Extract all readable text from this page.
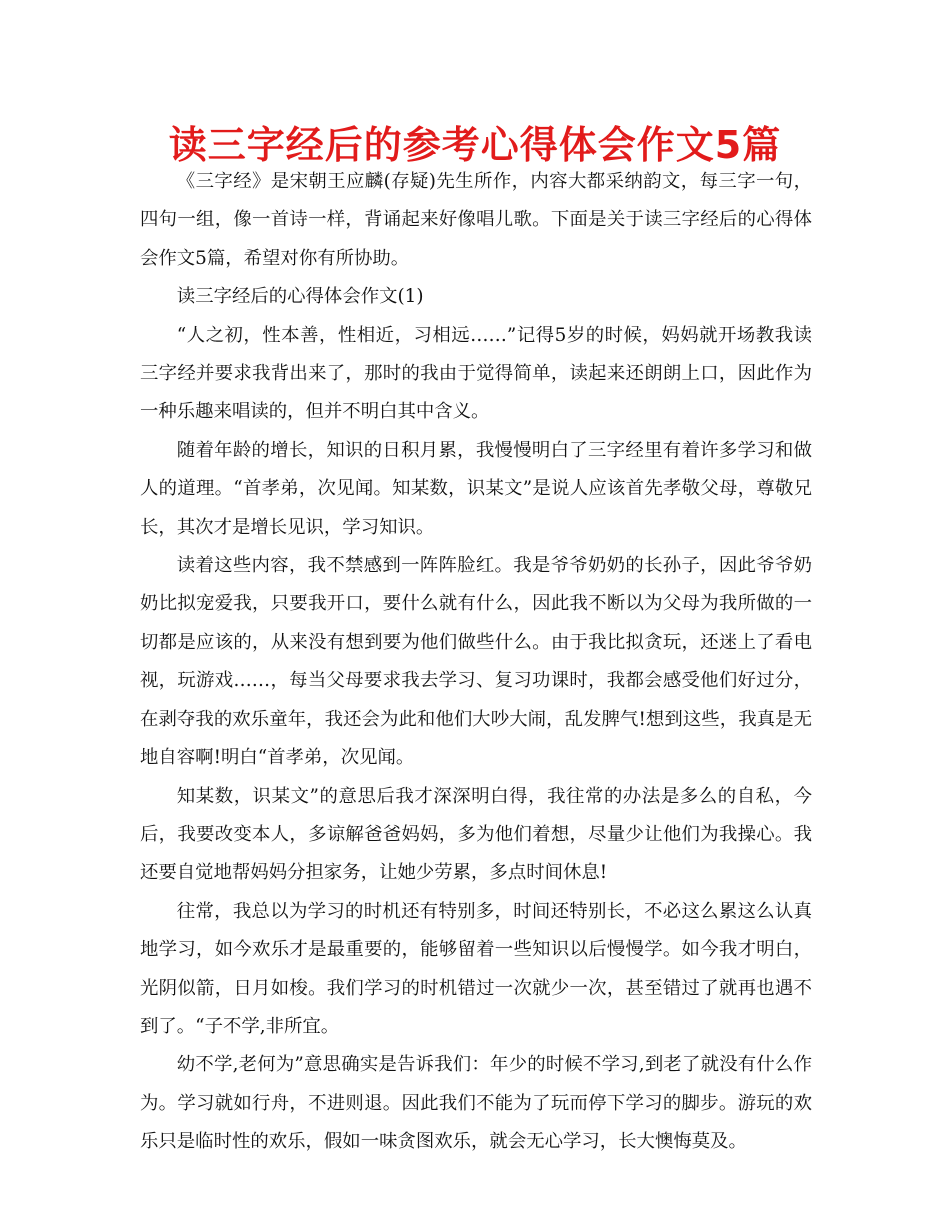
读三字经后的参考心得体会作文5篇

《三字经》是宋朝王应麟(存疑)先生所作，内容大都采纳韵文，每三字一句，四句一组，像一首诗一样，背诵起来好像唱儿歌。下面是关于读三字经后的心得体会作文5篇，希望对你有所协助。

读三字经后的心得体会作文(1)

“人之初，性本善，性相近，习相远……”记得5岁的时候，妈妈就开场教我读三字经并要求我背出来了，那时的我由于觉得简单，读起来还朗朗上口，因此作为一种乐趣来唱读的，但并不明白其中含义。

随着年龄的增长，知识的日积月累，我慢慢明白了三字经里有着许多学习和做人的道理。“首孝弟，次见闻。知某数，识某文”是说人应该首先孝敬父母，尊敬兄长，其次才是增长见识，学习知识。

读着这些内容，我不禁感到一阵阵脸红。我是爷爷奶奶的长孙子，因此爷爷奶奶比拟宠爱我，只要我开口，要什么就有什么，因此我不断以为父母为我所做的一切都是应该的，从来没有想到要为他们做些什么。由于我比拟贪玩，还迷上了看电视，玩游戏……，每当父母要求我去学习、复习功课时，我都会感受他们好过分，在剥夺我的欢乐童年，我还会为此和他们大吵大闹，乱发脾气!想到这些，我真是无地自容啊!明白“首孝弟，次见闻。

知某数，识某文”的意思后我才深深明白得，我往常的办法是多么的自私，今后，我要改变本人，多谅解爸爸妈妈，多为他们着想，尽量少让他们为我操心。我还要自觉地帮妈妈分担家务，让她少劳累，多点时间休息!

往常，我总以为学习的时机还有特别多，时间还特别长，不必这么累这么认真地学习，如今欢乐才是最重要的，能够留着一些知识以后慢慢学。如今我才明白，光阴似箭，日月如梭。我们学习的时机错过一次就少一次，甚至错过了就再也遇不到了。“子不学,非所宜。

幼不学,老何为”意思确实是告诉我们：年少的时候不学习,到老了就没有什么作为。学习就如行舟，不进则退。因此我们不能为了玩而停下学习的脚步。游玩的欢乐只是临时性的欢乐，假如一味贪图欢乐，就会无心学习，长大懊悔莫及。
